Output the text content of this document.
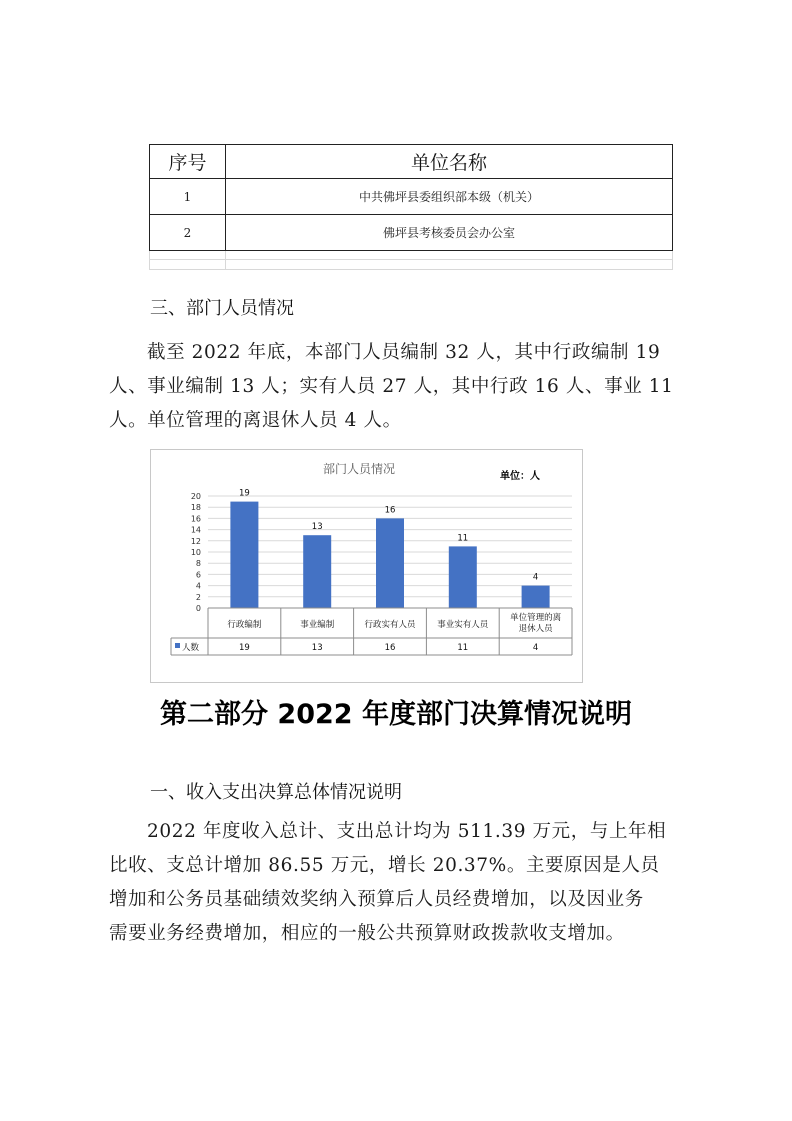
序号	单位名称
1	中共佛坪县委组织部本级（机关）
2	佛坪县考核委员会办公室

三、部门人员情况
截至 2022 年底，本部门人员编制 32 人，其中行政编制 19
人、事业编制 13 人；实有人员 27 人，其中行政 16 人、事业 11
人。单位管理的离退休人员 4 人。
部门人员情况
单位：人
0
2
4
6
8
10
12
14
16
18
20	19
13
16
11
4
行政编制
19
事业编制
13
行政实有人员
16
事业实有人员
11
单位管理的离
退休人员
4
人数
第二部分 2022 年度部门决算情况说明
一、收入支出决算总体情况说明
2022 年度收入总计、支出总计均为 511.39 万元，与上年相
比收、支总计增加 86.55 万元，增长 20.37%。主要原因是人员
增加和公务员基础绩效奖纳入预算后人员经费增加，以及因业务
需要业务经费增加，相应的一般公共预算财政拨款收支增加。
